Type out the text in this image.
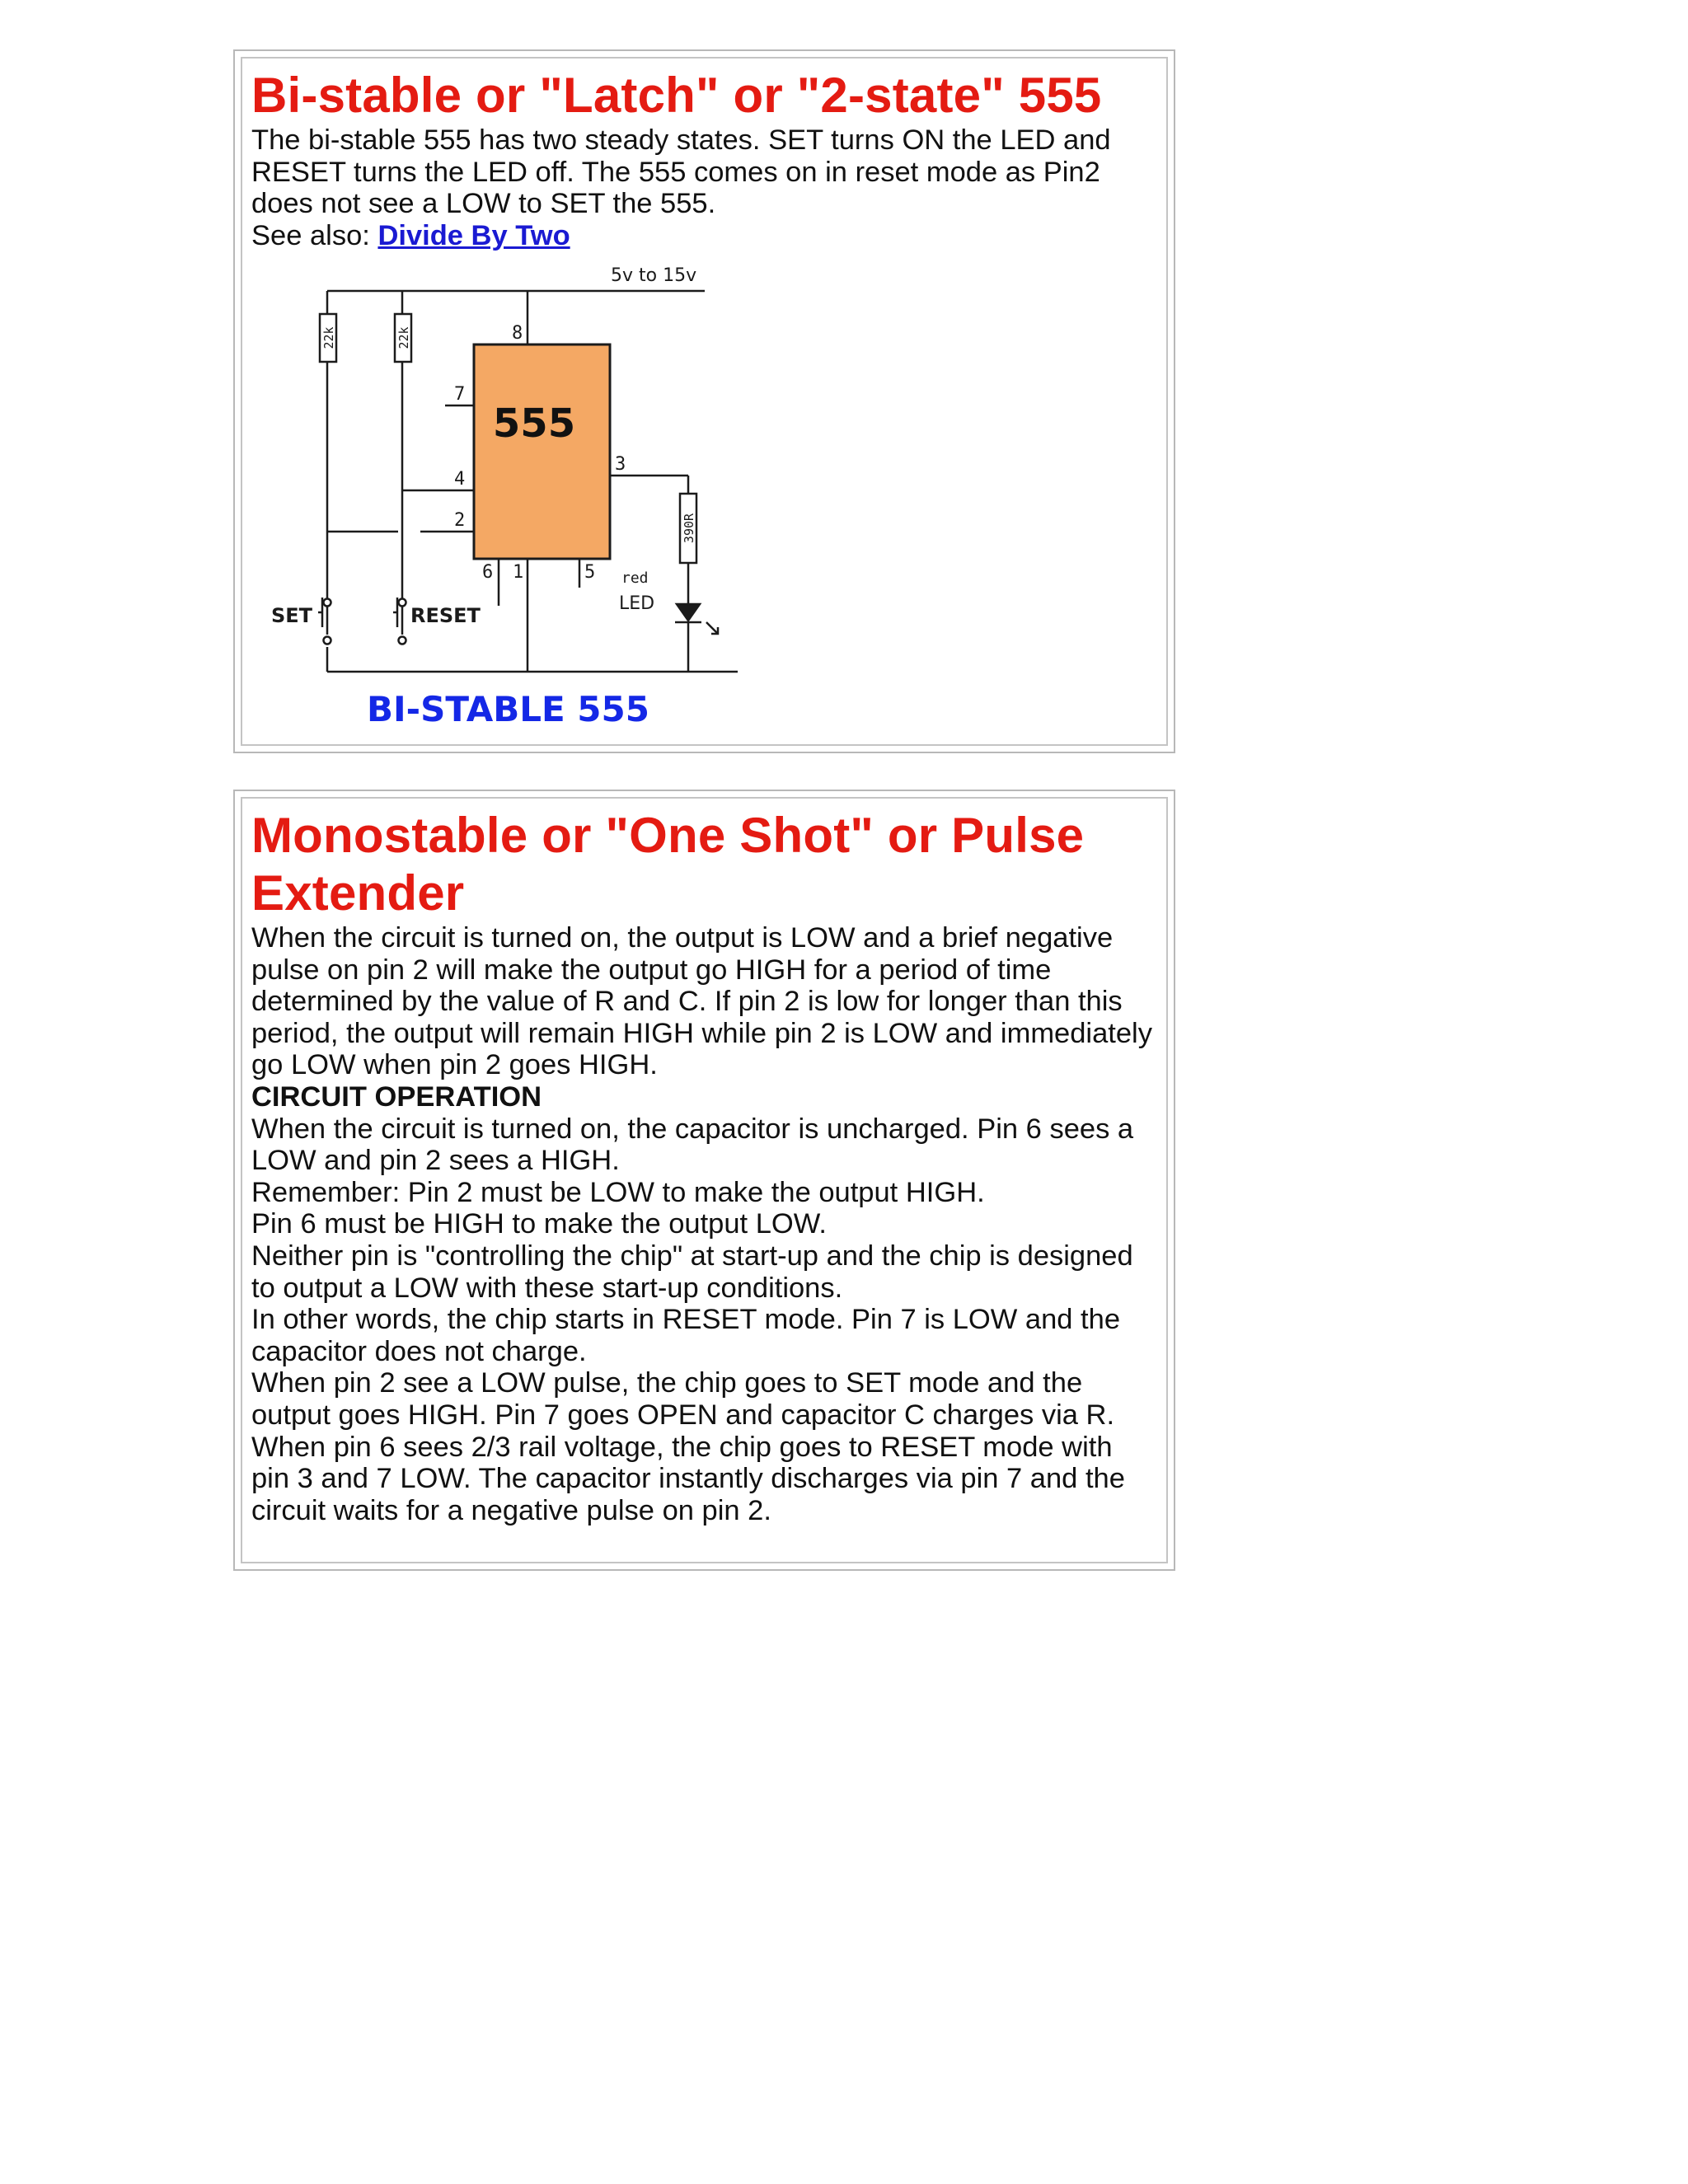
Bi-stable or "Latch" or "2-state" 555

The bi-stable 555 has two steady states. SET turns ON the LED and RESET turns the LED off. The 555 comes on in reset mode as Pin2 does not see a LOW to SET the 555.

See also: Divide By Two

22k	22k
390R
555
8
7
4
2
3
6 1	5
5v to 15v
SET	RESET
red
LED
BI-STABLE 555
Monostable or "One Shot" or Pulse
Extender

When the circuit is turned on, the output is LOW and a brief negative pulse on pin 2 will make the output go HIGH for a period of time determined by the value of R and C. If pin 2 is low for longer than this period, the output will remain HIGH while pin 2 is LOW and immediately go LOW when pin 2 goes HIGH.

CIRCUIT OPERATION

When the circuit is turned on, the capacitor is uncharged. Pin 6 sees a LOW and pin 2 sees a HIGH.

Remember: Pin 2 must be LOW to make the output HIGH.

Pin 6 must be HIGH to make the output LOW.

Neither pin is "controlling the chip" at start-up and the chip is designed to output a LOW with these start-up conditions.

In other words, the chip starts in RESET mode. Pin 7 is LOW and the capacitor does not charge.

When pin 2 see a LOW pulse, the chip goes to SET mode and the output goes HIGH. Pin 7 goes OPEN and capacitor C charges via R. When pin 6 sees 2/3 rail voltage, the chip goes to RESET mode with pin 3 and 7 LOW. The capacitor instantly discharges via pin 7 and the circuit waits for a negative pulse on pin 2.
